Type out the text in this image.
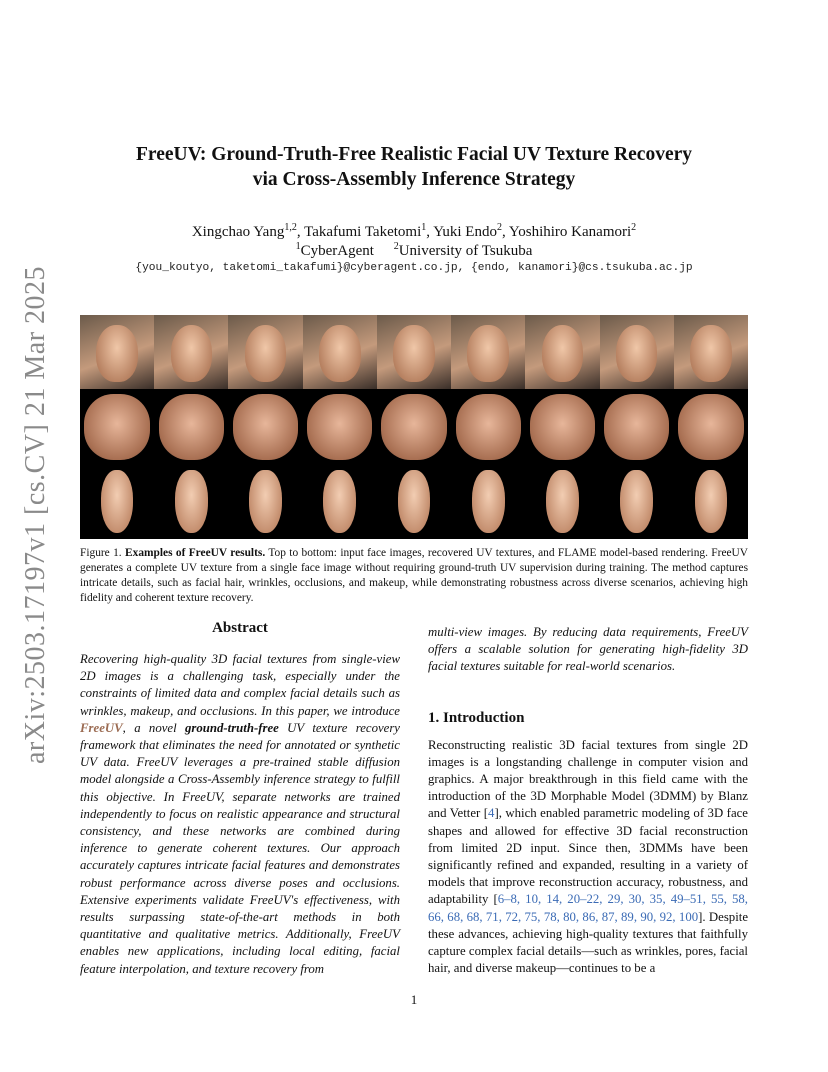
arXiv:2503.17197v1 [cs.CV] 21 Mar 2025
FreeUV: Ground-Truth-Free Realistic Facial UV Texture Recovery
via Cross-Assembly Inference Strategy
Xingchao Yang$^{1,2}$, Takafumi Taketomi$^1$, Yuki Endo$^2$, Yoshihiro Kanamori$^2$
$^1$CyberAgent $^2$University of Tsukuba
{you_koutyo, taketomi_takafumi}@cyberagent.co.jp, {endo, kanamori}@cs.tsukuba.ac.jp
Figure 1. Examples of FreeUV results. Top to bottom: input face images, recovered UV textures, and FLAME model-based rendering. FreeUV generates a complete UV texture from a single face image without requiring ground-truth UV supervision during training. The method captures intricate details, such as facial hair, wrinkles, occlusions, and makeup, while demonstrating robustness across diverse scenarios, achieving high fidelity and coherent texture recovery.
Abstract

Recovering high-quality 3D facial textures from single-view 2D images is a challenging task, especially under the constraints of limited data and complex facial details such as wrinkles, makeup, and occlusions. In this paper, we introduce FreeUV, a novel ground-truth-free UV texture recovery framework that eliminates the need for annotated or synthetic UV data. FreeUV leverages a pre-trained stable diffusion model alongside a Cross-Assembly inference strategy to fulfill this objective. In FreeUV, separate networks are trained independently to focus on realistic appearance and structural consistency, and these networks are combined during inference to generate coherent textures. Our approach accurately captures intricate facial features and demonstrates robust performance across diverse poses and occlusions. Extensive experiments validate FreeUV's effectiveness, with results surpassing state-of-the-art methods in both quantitative and qualitative metrics. Additionally, FreeUV enables new applications, including local editing, facial feature interpolation, and texture recovery from

multi-view images. By reducing data requirements, FreeUV offers a scalable solution for generating high-fidelity 3D facial textures suitable for real-world scenarios.

1. Introduction

Reconstructing realistic 3D facial textures from single 2D images is a longstanding challenge in computer vision and graphics. A major breakthrough in this field came with the introduction of the 3D Morphable Model (3DMM) by Blanz and Vetter [4], which enabled parametric modeling of 3D face shapes and allowed for effective 3D facial reconstruction from limited 2D input. Since then, 3DMMs have been significantly refined and expanded, resulting in a variety of models that improve reconstruction accuracy, robustness, and adaptability [6–8, 10, 14, 20–22, 29, 30, 35, 49–51, 55, 58, 66, 68, 68, 71, 72, 75, 78, 80, 86, 87, 89, 90, 92, 100]. Despite these advances, achieving high-quality textures that faithfully capture complex facial details—such as wrinkles, pores, facial hair, and diverse makeup—continues to be a

1
